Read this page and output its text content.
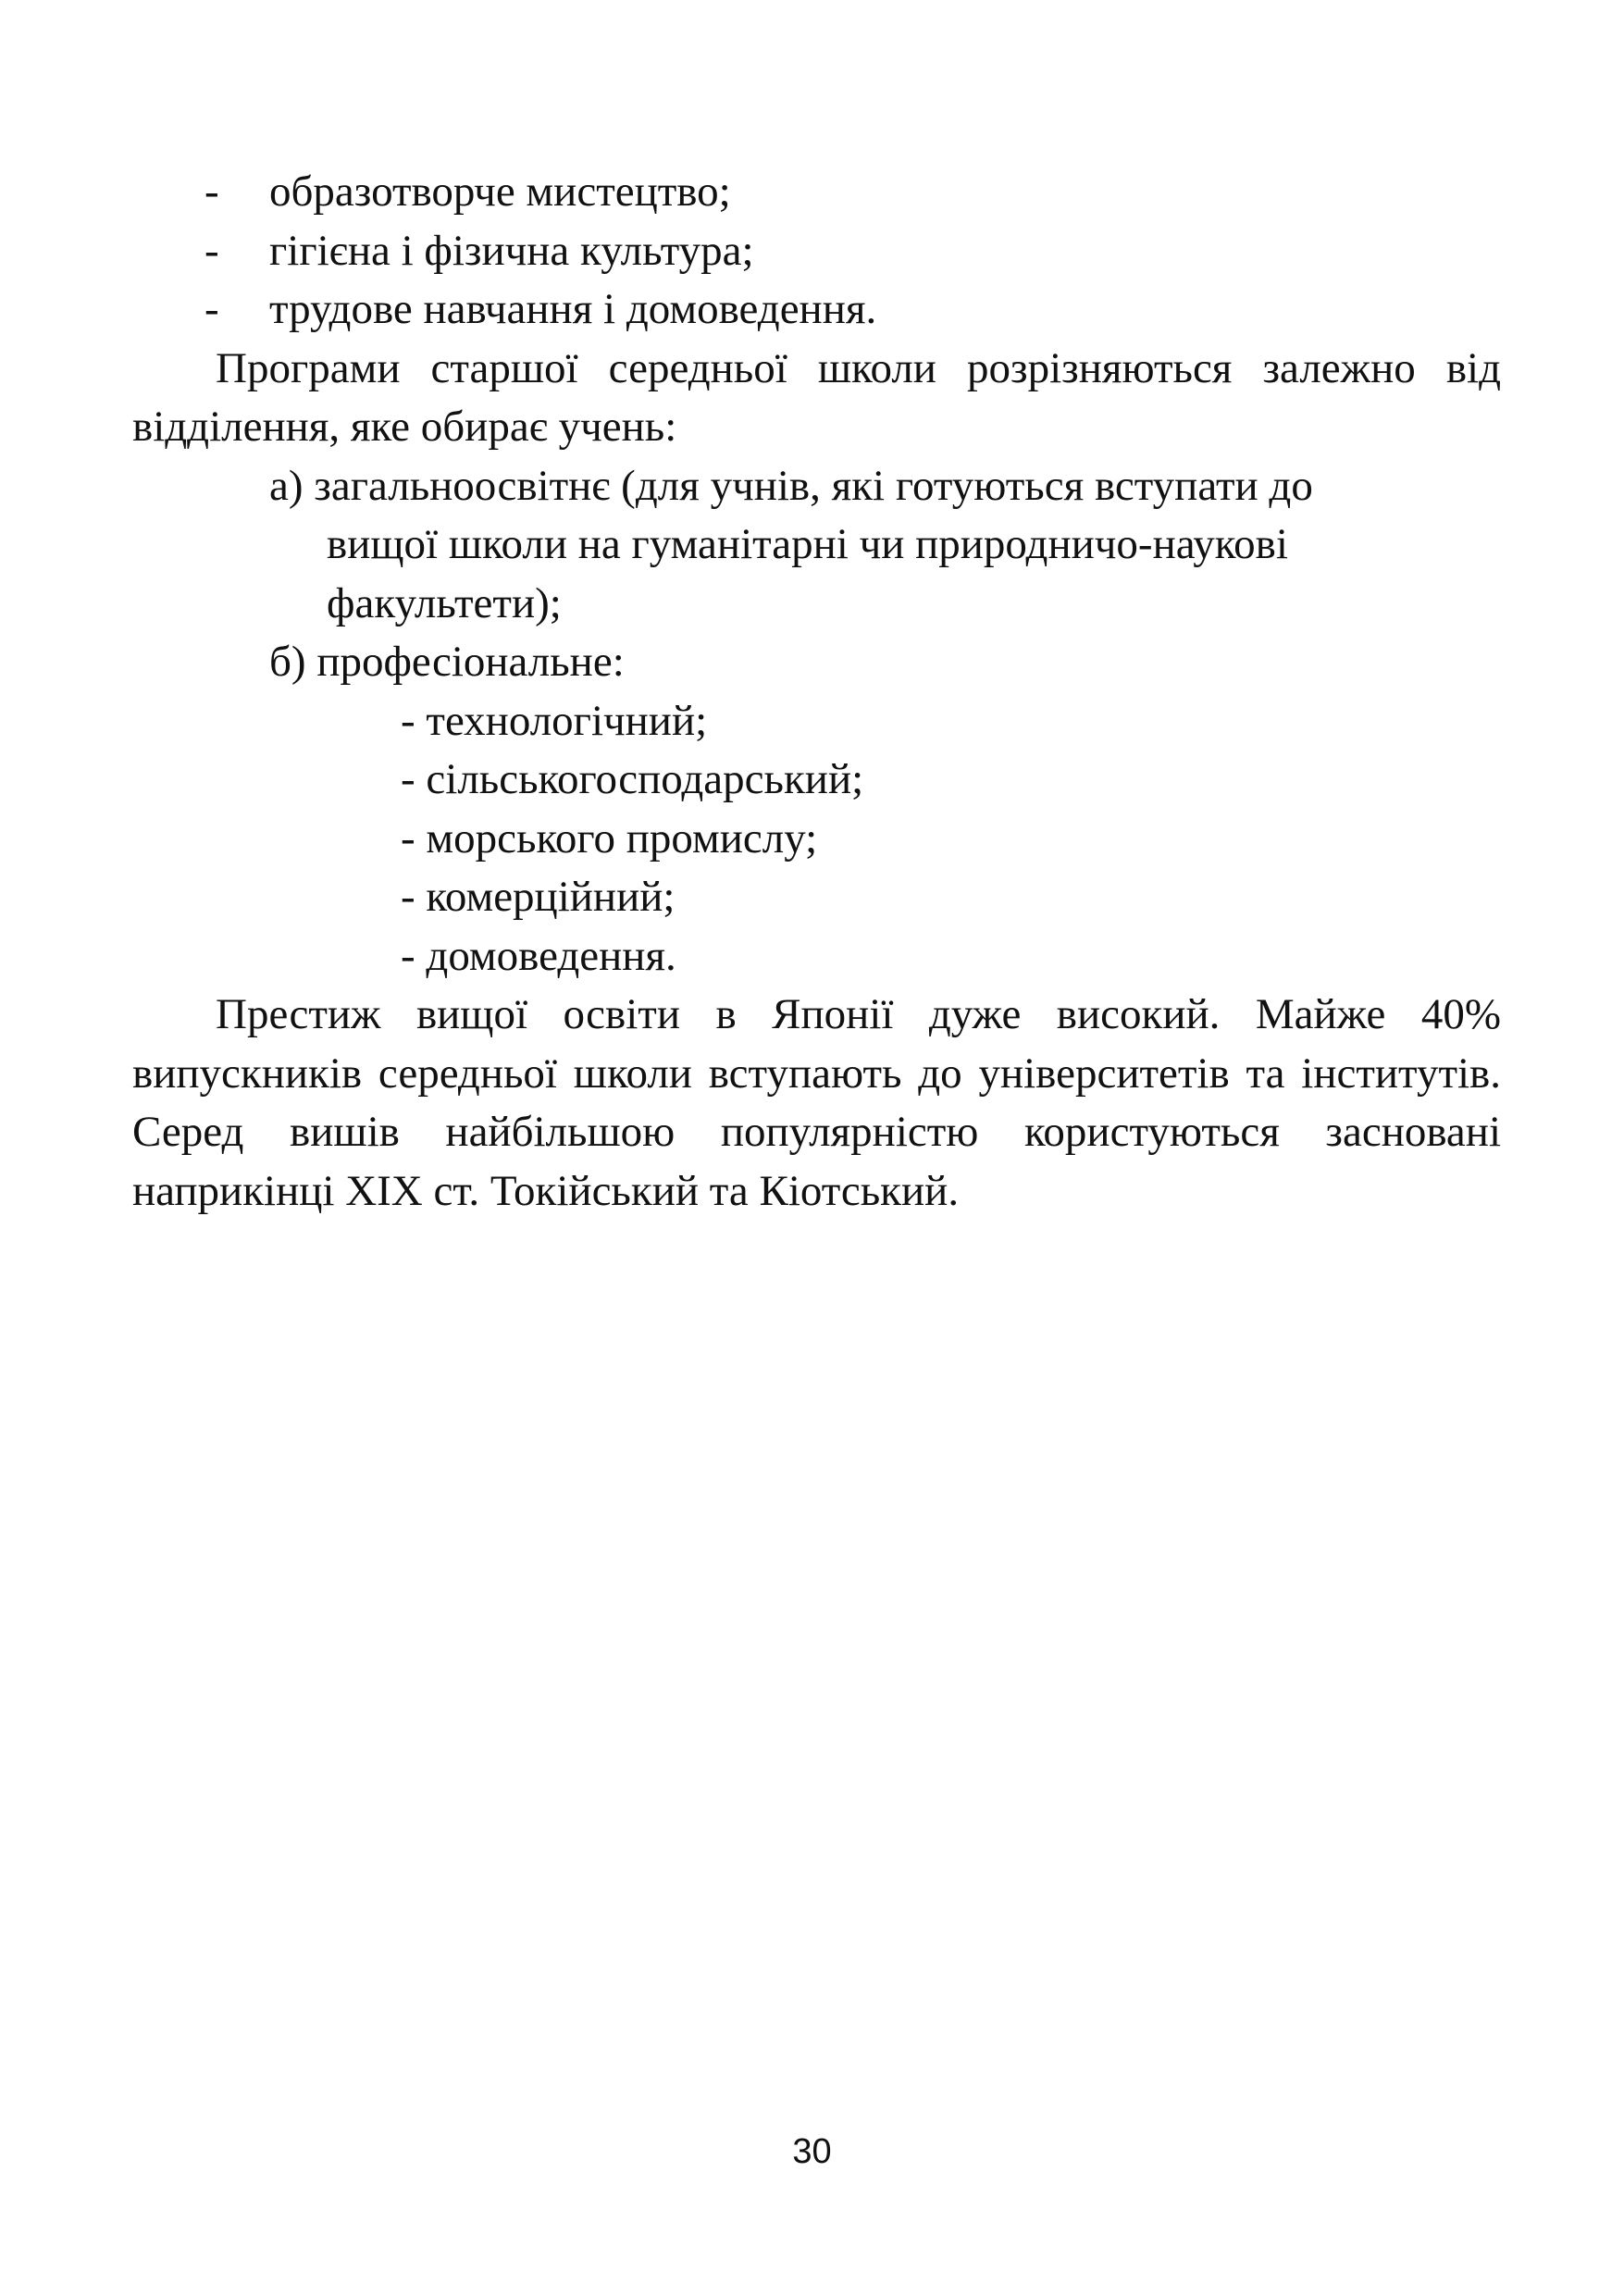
- образотворче мистецтво;
- гігієна і фізична культура;
- трудове навчання і домоведення.
Програми старшої середньої школи розрізняються залежно від відділення, яке обирає учень:
а) загальноосвітнє (для учнів, які готуються вступати до
вищої школи на гуманітарні чи природничо-наукові
факультети);
б) професіональне:
- технологічний;
- сільськогосподарський;
- морського промислу;
- комерційний;
- домоведення.
Престиж вищої освіти в Японії дуже високий. Майже 40% випускників середньої школи вступають до університетів та інститутів. Серед вишів найбільшою популярністю користуються засновані наприкінці XIX ст. Токійський та Кіотський.
30
